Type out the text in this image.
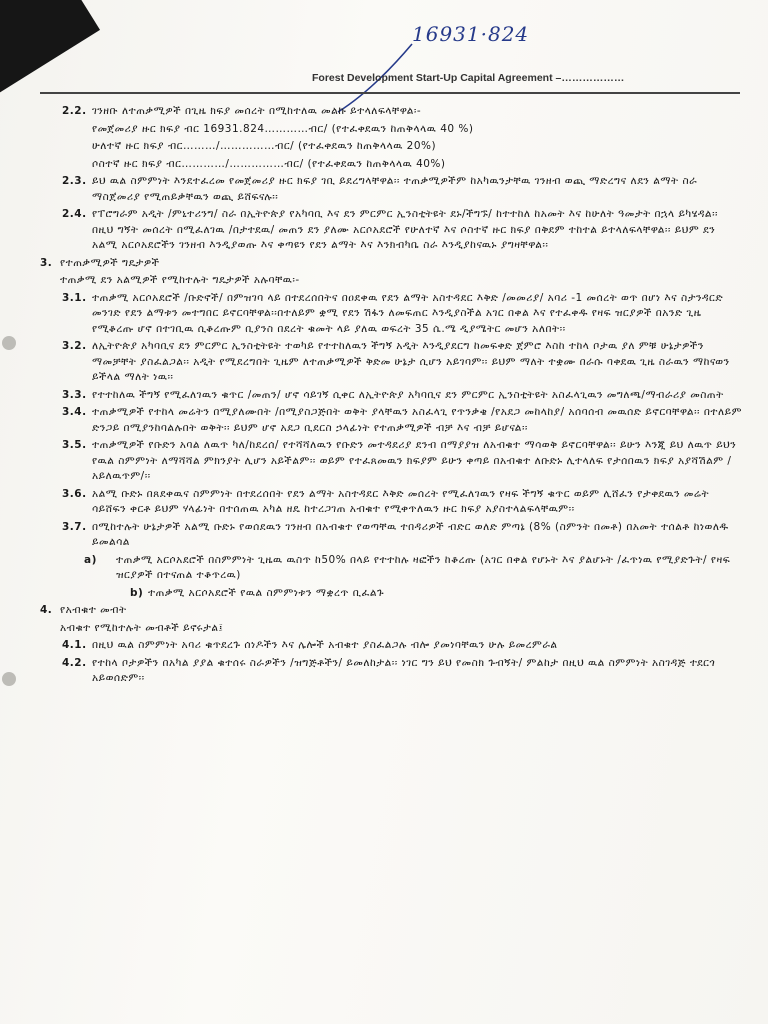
16931·824
Forest Development Start-Up Capital Agreement –………………
2.2. ገንዘቡ ለተጠቃሚዎች በጊዜ ክፍያ መሰረት በሚከተለዉ መልኩ ይተላለፍላቸዋል፡-
የመጀመሪያ ዙር ክፍያ ብር 16931.824…………ብር/ (የተፈቀደዉን ከጠቅላላዉ 40 %)
ሁለተኛ ዙር ክፍያ ብር………/……………ብር/ (የተፈቀደዉን ከጠቅላላዉ 20%)
ሶስተኛ ዙር ክፍያ ብር…………/……………ብር/ (የተፈቀደዉን ከጠቅላላዉ 40%)
2.3. ይህ ዉል ስምምነት እንደተፈረመ የመጀመሪያ ዙር ክፍያ ገቢ ይደረግላቸዋል፡፡ ተጠቃሚዎችም ከአካዉንታቸዉ ገንዘብ ወጪ ማድረግና ለደን ልማት ስራ ማስጀመሪያ የሚጠይቃቸዉን ወጪ ይሸፍናሉ፡፡
2.4. የፐሮግራም አዲት /ምኒተሪንግ/ ስራ በኢትዮጵያ የአካባቢ እና ደን ምርምር ኢንስቲትዩት ደኑ/ችግኙ/ ከተተከለ ከአመት እና ከሁለት ዓመታት በኋላ ይካሄዳል፡፡ በዚህ ግኝት መሰረት በሚፈለገዉ /በታተደዉ/ መጠን ደን ያለሙ አርሶአደሮች የሁለተኛ እና ሶስተኛ ዙር ክፍያ በቅደም ተከተል ይተላለፍላቸዋል፡፡ ይህም ደን አልሚ አርሶአደሮችን ገንዘብ እንዲያወጡ እና ቀጣዩን የደን ልማት እና እንክብካቤ ስራ እንዲያከናዉኑ ያግዛቸዋል፡፡
3. የተጠቃሚዎች ግዴታዎች
ተጠቃሚ ደን አልሚዎች የሚከተሉት ግዴታዎች አሉባቸዉ፡-
3.1. ተጠቃሚ አርሶአደሮች /ቡድኖች/ በምዝገባ ላይ በተደረሰበትና በዐደቀዉ የደን ልማት አስተዳደር እቅድ /መመሪያ/ አባሪ -1 መሰረት ወጥ በሆነ እና ስታንዳርድ መንገድ የደን ልማቱን መተግበር ይኖርባቸዋል፡፡በተለይም ቋሚ የደን ሽፋን ለመፍጠር እንዲያስችል አገር በቀል እና የተፈቀዱ የዛፍ ዝርያዎች በአንድ ጊዜ የሚቆረጡ ሆኖ በተገቢዉ ሲቆረጡም ቢያንስ በደረት ቁመት ላይ ያለዉ ወፍረት 35 ሴ.ሜ ዲያሜትር መሆን አለበት፡፡
3.2. ለኢትዮጵያ አካባቢና ደን ምርምር ኢንስቲትዩት ተወካይ የተተከለዉን ችግኝ አዲት እንዲያደርግ ከመፍቀድ ጀምሮ እስከ ተከላ ቦታዉ ያለ ምቹ ሁኔታዎችን ማመቻቸት ያስፈልጋል፡፡ አዲት የሚደረግበት ጊዜም ለተጠቃሚዎች ቅድመ ሁኔታ ሲሆን አይገባም፡፡ ይህም ማለት ተቋሙ በራሱ ባቀደዉ ጊዜ ስራዉን ማከናወን ይችላል ማለት ነዉ፡፡
3.3. የተተከለዉ ችግኝ የሚፈለገዉን ቁጥር /መጠን/ ሆኖ ሳይገኝ ሲቀር ለኢትዮጵያ አካባቢና ደን ምርምር ኢንስቲትዩት አስፈላጊዉን መግለጫ/ማብራሪያ መስጠት
3.4. ተጠቃሚዎች የተከላ መሬትን በሚያለሙበት /በሚያስጋጅበት ወቅት ያላቸዉን አስፈላጊ የጥንቃቄ /የአደጋ መከላከያ/ አሰባሰብ መዉሰድ ይኖርባቸዋል፡፡ በተለይም ድንጋይ በሚያንከባልሉበት ወቅት፡፡ ይህም ሆኖ አደጋ ቢደርስ ኃላፊነት የተጠቃሚዎች ብቻ እና ብቻ ይሆናል፡፡
3.5. ተጠቃሚዎች የቡድን አባል ለዉጥ ካለ/ከደረሰ/ የተሻሻለዉን የቡድን መተዳደሪያ ደንብ በማያያዝ ለአብቁተ ማሳወቅ ይኖርባቸዋል፡፡ ይሁን እንጂ ይህ ለዉጥ ይህን የዉል ስምምነት ለማሻሻል ምክንያት ሊሆን አይችልም፡፡ ወይም የተፈጸመዉን ክፍያም ይሁን ቀጣይ በአብቁተ ለቡድኑ ሊተላለፍ የታሰበዉን ክፍያ አያሻሽልም /አይለዉጥም/፡፡
3.6. አልሚ ቡድኑ በጸደቀዉና ስምምነት በተደረሰበት የደን ልማት አስተዳደር እቅድ መሰረት የሚፈለገዉን የዛፍ ችግኝ ቁጥር ወይም ሊሸፈን የታቀደዉን መሬት ሳይሸፍን ቀርቶ ይህም ሃላፊነት በተሰጠዉ አካል ዘዴ ከተረጋገጠ አብቁተ የሚቀጥለዉን ዙር ክፍያ አያስተላልፍላቸዉም፡፡
3.7. በሚከተሉት ሁኔታዎች አልሚ ቡድኑ የወሰደዉን ገንዘብ በአብቁተ የወጣቸዉ ተበዳሪዎች ብድር ወለድ ምጣኔ (8% (ስምንት በመቶ) በአመት ተሰልቶ ከነወለዱ ይመልሳል
a)	ተጠቃሚ አርሶአደሮች በስምምነት ጊዜዉ ዉስጥ ከ50% በላይ የተተከሉ ዛፎችን ከቆረጡ (አገር በቀል የሆኑት እና ያልሆኑት /ፈጥነዉ የሚያድጉት/ የዛፍ ዝርያዎች በተናጠል ተቆጥረዉ)
b) ተጠቃሚ አርሶአደሮች የዉል ስምምነቱን ማቋረጥ ቢፈልጉ
4. የአብቁተ መብት
አብቁተ የሚከተሉት መብቶች ይኖሩታል፤
4.1. በዚህ ዉል ስምምነት አባሪ ቁጥደረጉ ሰነዶችን እና ሌሎች አብቁተ ያስፈልጋሉ ብሎ ያመነባቸዉን ሁሉ ይመረምራል
4.2. የተከላ ቦታዎችን በአካል ያያል ቁተሰሩ ስራዎችን /ዝግጅቶችን/ ይመለከታል፡፡ ነገር ግን ይህ የመስክ ጉብኝት/ ምልከታ በዚህ ዉል ስምምነት አስገዳጅ ተደርጎ አይወሰድም፡፡
